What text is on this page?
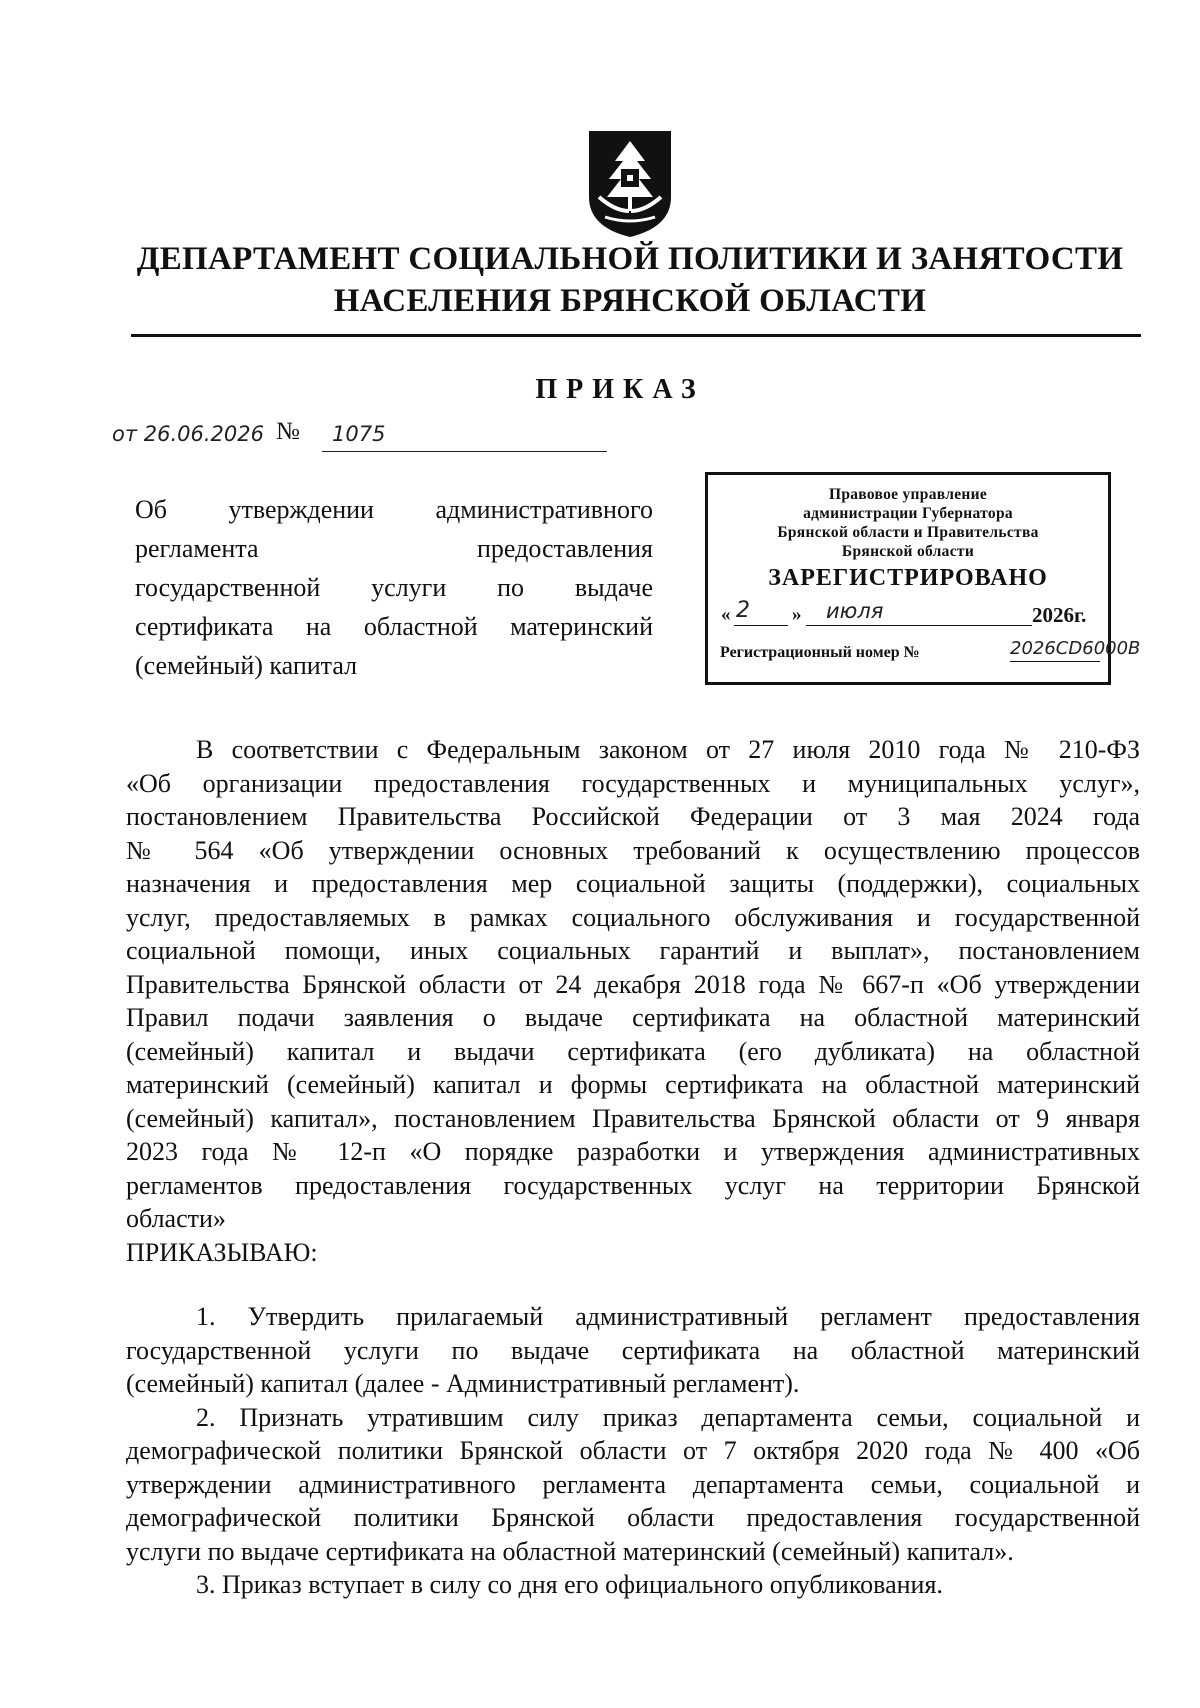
ДЕПАРТАМЕНТ СОЦИАЛЬНОЙ ПОЛИТИКИ И ЗАНЯТОСТИ
НАСЕЛЕНИЯ БРЯНСКОЙ ОБЛАСТИ
ПРИКАЗ
от 26.06.2026 № 1075
Об утверждении административного
регламента	предоставления
государственной услуги по выдаче
сертификата на областной материнский
(семейный) капитал
Правовое управление
администрации Губернатора
Брянской области и Правительства
Брянской области
ЗАРЕГИСТРИРОВАНО
« 2 » июля	2026г.
Регистрационный номер №	2026СD6000В

В соответствии с Федеральным законом от 27 июля 2010 года № 210-ФЗ

«Об организации предоставления государственных и муниципальных услуг»,

постановлением Правительства Российской Федерации от 3 мая 2024 года

№ 564 «Об утверждении основных требований к осуществлению процессов

назначения и предоставления мер социальной защиты (поддержки), социальных

услуг, предоставляемых в рамках социального обслуживания и государственной

социальной помощи, иных социальных гарантий и выплат», постановлением

Правительства Брянской области от 24 декабря 2018 года № 667-п «Об утверждении

Правил подачи заявления о выдаче сертификата на областной материнский

(семейный) капитал и выдачи сертификата (его дубликата) на областной

материнский (семейный) капитал и формы сертификата на областной материнский

(семейный) капитал», постановлением Правительства Брянской области от 9 января

2023 года № 12-п «О порядке разработки и утверждения административных

регламентов предоставления государственных услуг на территории Брянской

области»

ПРИКАЗЫВАЮ:

1. Утвердить прилагаемый административный регламент предоставления

государственной услуги по выдаче сертификата на областной материнский

(семейный) капитал (далее - Административный регламент).

2. Признать утратившим силу приказ департамента семьи, социальной и

демографической политики Брянской области от 7 октября 2020 года № 400 «Об

утверждении административного регламента департамента семьи, социальной и

демографической политики Брянской области предоставления государственной

услуги по выдаче сертификата на областной материнский (семейный) капитал».

3. Приказ вступает в силу со дня его официального опубликования.
